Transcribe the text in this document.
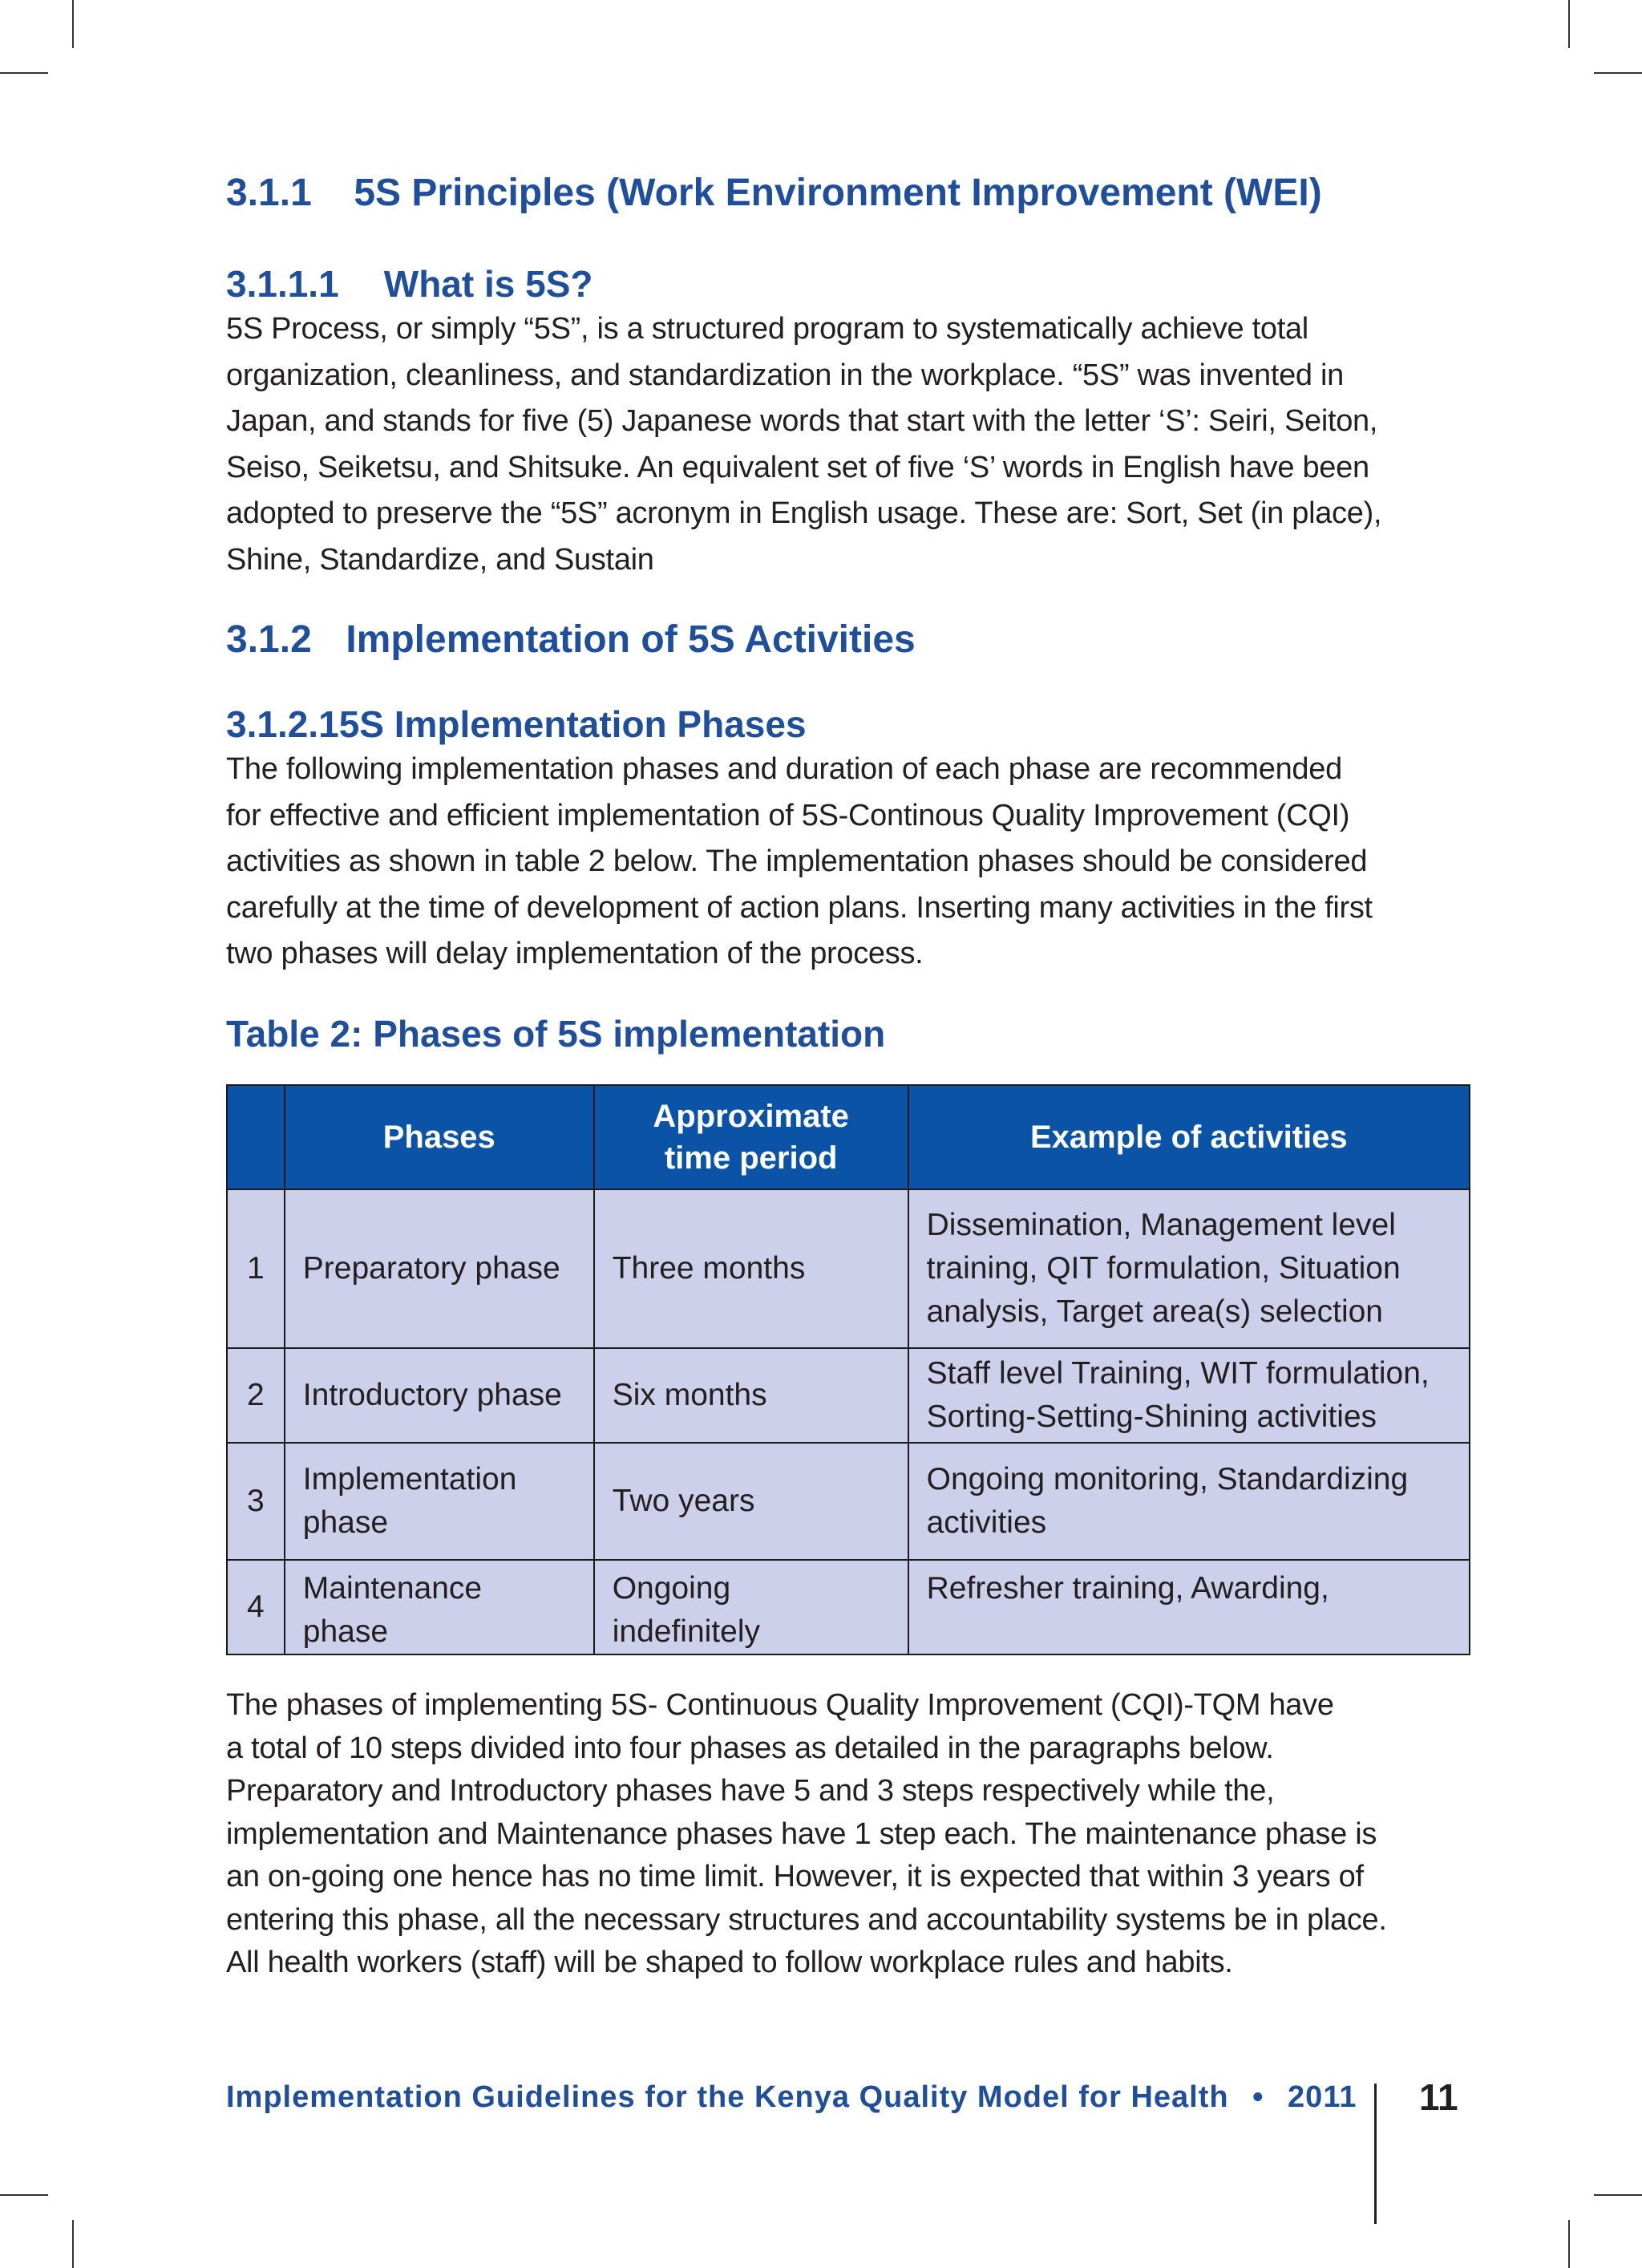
3.1.1 5S Principles (Work Environment Improvement (WEI)
3.1.1.1 What is 5S?

5S Process, or simply “5S”, is a structured program to systematically achieve total
organization, cleanliness, and standardization in the workplace. “5S” was invented in
Japan, and stands for five (5) Japanese words that start with the letter ‘S’: Seiri, Seiton,
Seiso, Seiketsu, and Shitsuke. An equivalent set of five ‘S’ words in English have been
adopted to preserve the “5S” acronym in English usage. These are: Sort, Set (in place),
Shine, Standardize, and Sustain

3.1.2 Implementation of 5S Activities
3.1.2.15S Implementation Phases

The following implementation phases and duration of each phase are recommended
for effective and efficient implementation of 5S-Continous Quality Improvement (CQI)
activities as shown in table 2 below. The implementation phases should be considered
carefully at the time of development of action plans. Inserting many activities in the first
two phases will delay implementation of the process.

Table 2: Phases of 5S implementation
	Phases	Approximate time period	Example of activities
1	Preparatory phase	Three months	Dissemination, Management level training, QIT formulation, Situation analysis, Target area(s) selection
2	Introductory phase	Six months	Staff level Training, WIT formulation, Sorting-Setting-Shining activities
3	Implementation phase	Two years	Ongoing monitoring, Standardizing activities
4	Maintenance phase	Ongoing indefinitely	Refresher training, Awarding,

The phases of implementing 5S- Continuous Quality Improvement (CQI)-TQM have
a total of 10 steps divided into four phases as detailed in the paragraphs below.
Preparatory and Introductory phases have 5 and 3 steps respectively while the,
implementation and Maintenance phases have 1 step each. The maintenance phase is
an on-going one hence has no time limit. However, it is expected that within 3 years of
entering this phase, all the necessary structures and accountability systems be in place.
All health workers (staff) will be shaped to follow workplace rules and habits.

Implementation Guidelines for the Kenya Quality Model for Health • 2011 11
